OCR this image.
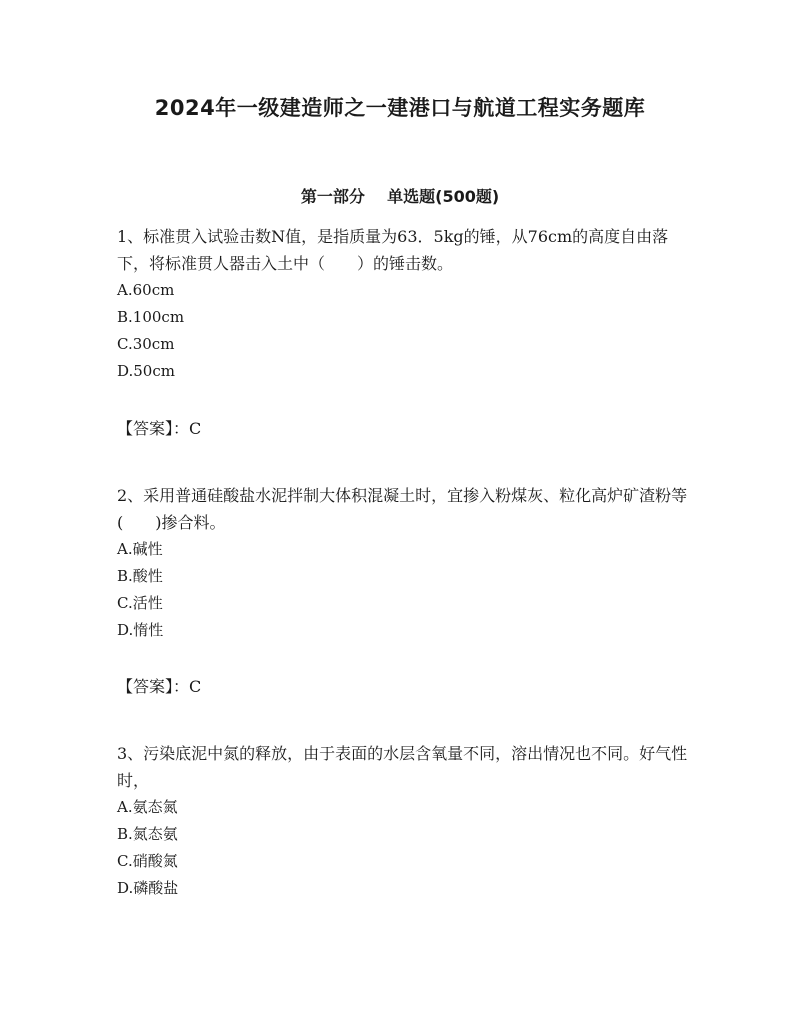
2024年一级建造师之一建港口与航道工程实务题库
第一部分    单选题(500题)

1、标准贯入试验击数N值，是指质量为63．5kg的锤，从76cm的高度自由落下，将标准贯人器击入土中（　　）的锤击数。

A.60cm

B.100cm

C.30cm

D.50cm

【答案】：C

2、采用普通硅酸盐水泥拌制大体积混凝土时，宜掺入粉煤灰、粒化高炉矿渣粉等(　　)掺合料。

A.碱性

B.酸性

C.活性

D.惰性

【答案】：C

3、污染底泥中氮的释放，由于表面的水层含氧量不同，溶出情况也不同。好气性时，

A.氨态氮

B.氮态氨

C.硝酸氮

D.磷酸盐
